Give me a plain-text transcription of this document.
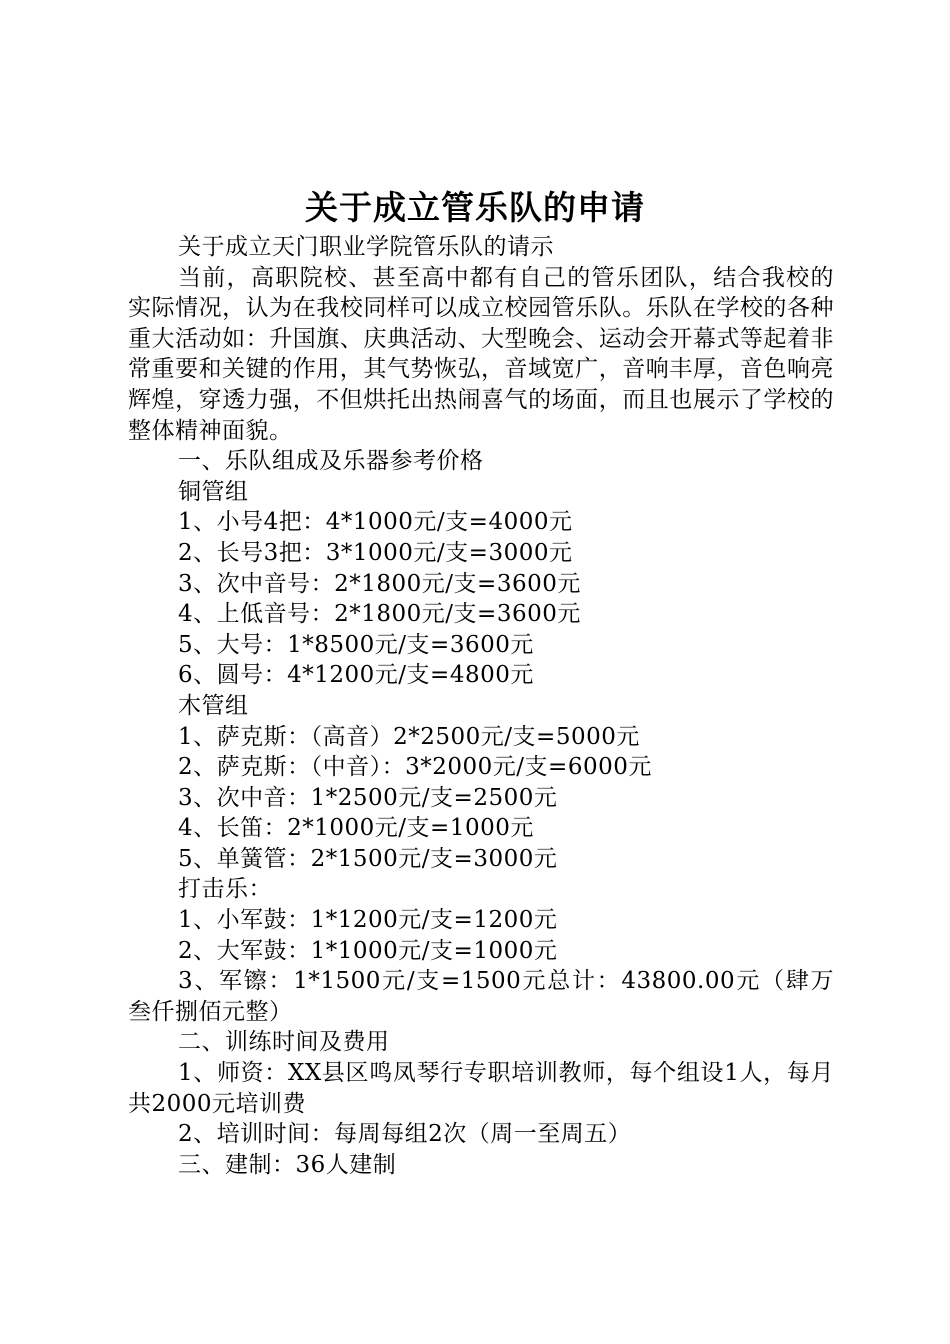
关于成立管乐队的申请

关于成立天门职业学院管乐队的请示

当前，高职院校、甚至高中都有自己的管乐团队，结合我校的实际情况，认为在我校同样可以成立校园管乐队。乐队在学校的各种重大活动如：升国旗、庆典活动、大型晚会、运动会开幕式等起着非常重要和关键的作用，其气势恢弘，音域宽广，音响丰厚，音色响亮辉煌，穿透力强，不但烘托出热闹喜气的场面，而且也展示了学校的整体精神面貌。

一、乐队组成及乐器参考价格

铜管组

1、小号4把：4*1000元/支=4000元

2、长号3把：3*1000元/支=3000元

3、次中音号：2*1800元/支=3600元

4、上低音号：2*1800元/支=3600元

5、大号：1*8500元/支=3600元

6、圆号：4*1200元/支=4800元

木管组

1、萨克斯：（高音）2*2500元/支=5000元

2、萨克斯：（中音）：3*2000元/支=6000元

3、次中音：1*2500元/支=2500元

4、长笛：2*1000元/支=1000元

5、单簧管：2*1500元/支=3000元

打击乐：

1、小军鼓：1*1200元/支=1200元

2、大军鼓：1*1000元/支=1000元

3、军镲：1*1500元/支=1500元总计：43800.00元（肆万叁仟捌佰元整）

二、训练时间及费用

1、师资：XX县区鸣凤琴行专职培训教师，每个组设1人，每月共2000元培训费

2、培训时间：每周每组2次（周一至周五）

三、建制：36人建制
